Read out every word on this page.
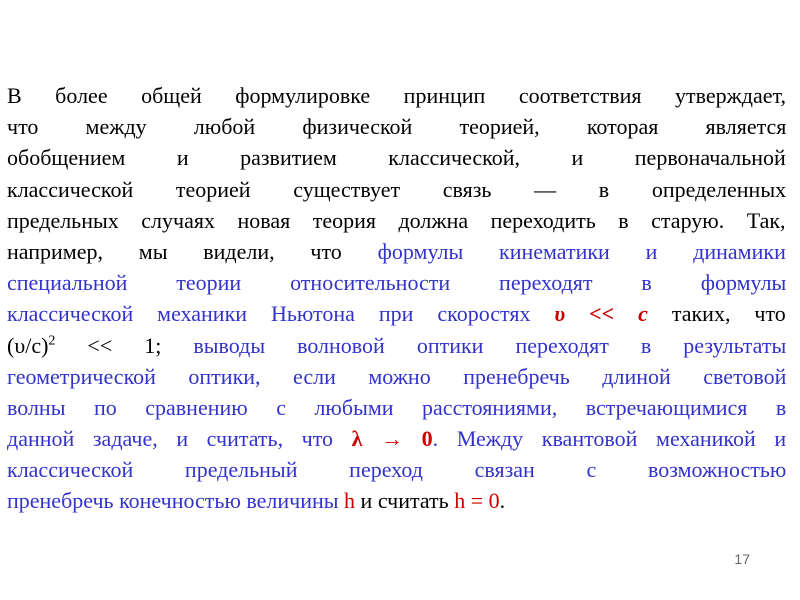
В более общей формулировке принцип соответствия утверждает,
что между любой физической теорией, которая является
обобщением и развитием классической, и первоначальной
классической теорией существует связь — в определенных
предельных случаях новая теория должна переходить в старую. Так,
например, мы видели, что формулы кинематики и динамики
специальной теории относительности переходят в формулы
классической механики Ньютона при скоростях υ << c таких, что
$(\upsilon/c)^2 << 1$; выводы волновой оптики переходят в результаты
геометрической оптики, если можно пренебречь длиной световой
волны по сравнению с любыми расстояниями, встречающимися в
данной задаче, и считать, что λ → 0. Между квантовой механикой и
классической предельный переход связан с возможностью
пренебречь конечностью величины h и считать h = 0.
17
